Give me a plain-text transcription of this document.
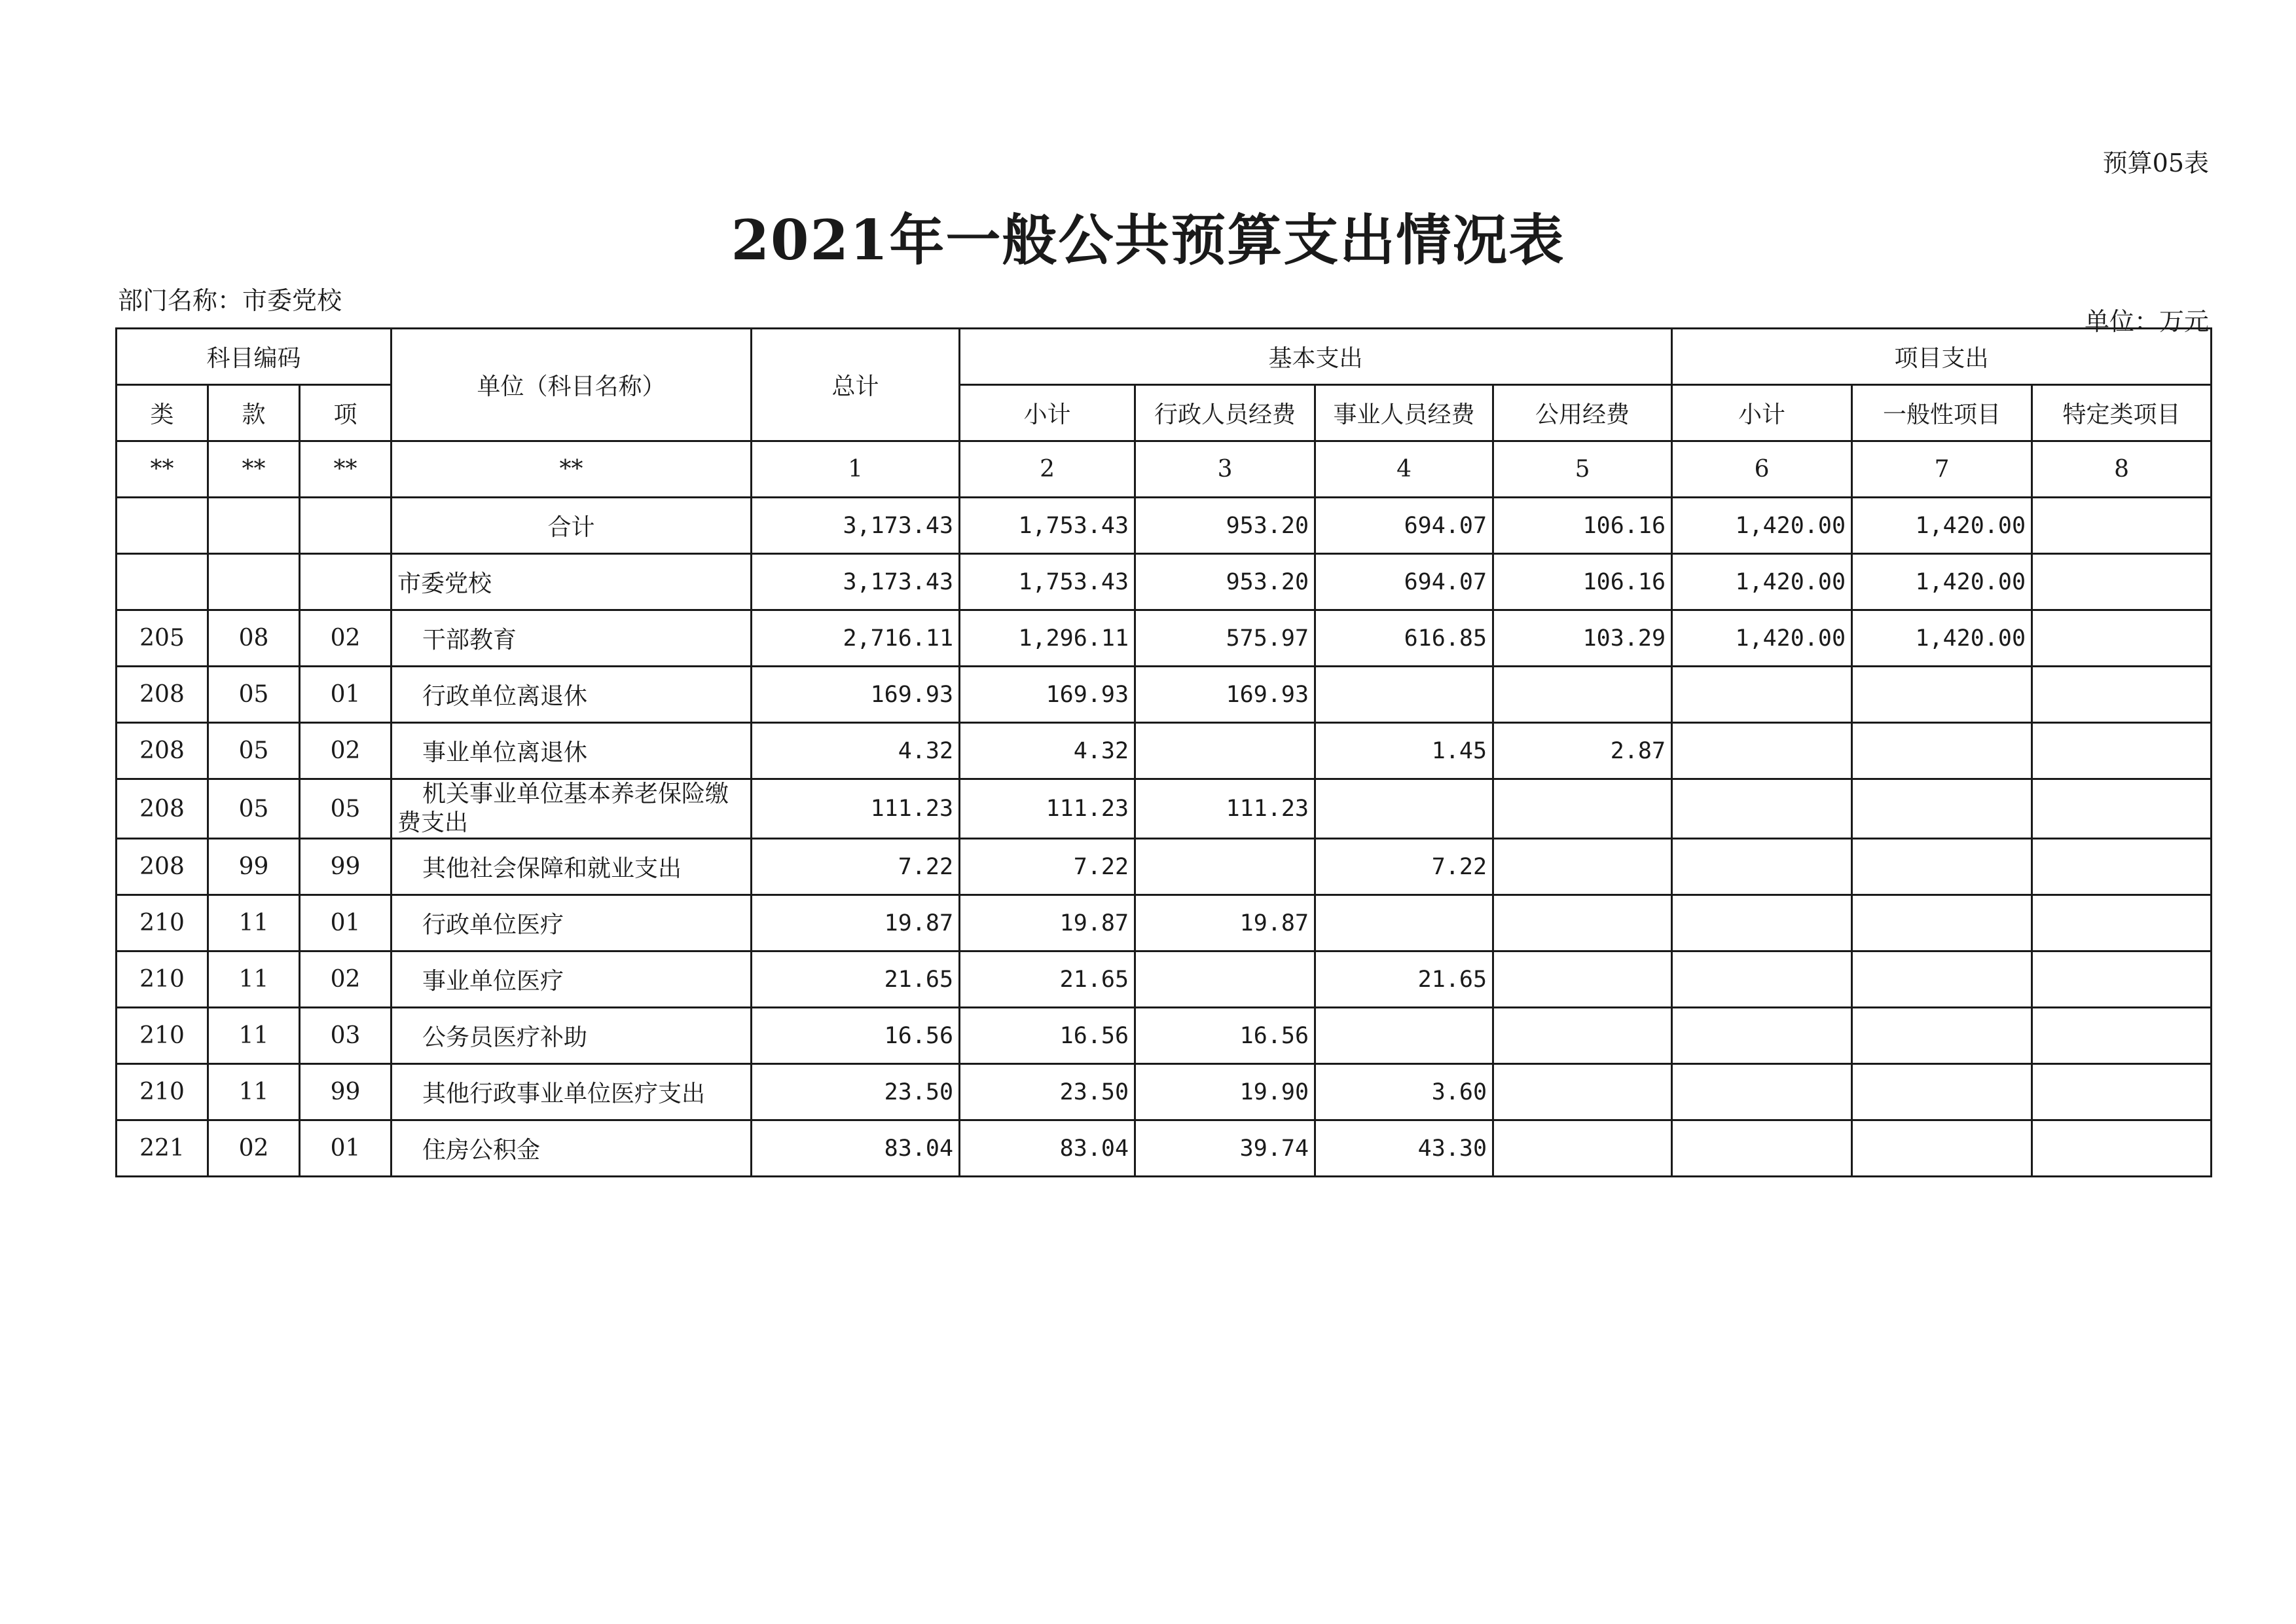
预算05表
2021年一般公共预算支出情况表
部门名称：市委党校
单位：万元
科目编码			单位（科目名称）	总计	基本支出				项目支出		
类	款	项			小计	行政人员经费	事业人员经费	公用经费	小计	一般性项目	特定类项目
**	**	**	**	1	2	3	4	5	6	7	8
			合计	3,173.43	1,753.43	953.20	694.07	106.16	1,420.00	1,420.00	
			市委党校	3,173.43	1,753.43	953.20	694.07	106.16	1,420.00	1,420.00	
205	08	02	干部教育	2,716.11	1,296.11	575.97	616.85	103.29	1,420.00	1,420.00	
208	05	01	行政单位离退休	169.93	169.93	169.93					
208	05	02	事业单位离退休	4.32	4.32		1.45	2.87			
208	05	05	机关事业单位基本养老保险缴
费支出	111.23	111.23	111.23					
208	99	99	其他社会保障和就业支出	7.22	7.22		7.22				
210	11	01	行政单位医疗	19.87	19.87	19.87					
210	11	02	事业单位医疗	21.65	21.65		21.65				
210	11	03	公务员医疗补助	16.56	16.56	16.56					
210	11	99	其他行政事业单位医疗支出	23.50	23.50	19.90	3.60				
221	02	01	住房公积金	83.04	83.04	39.74	43.30				
